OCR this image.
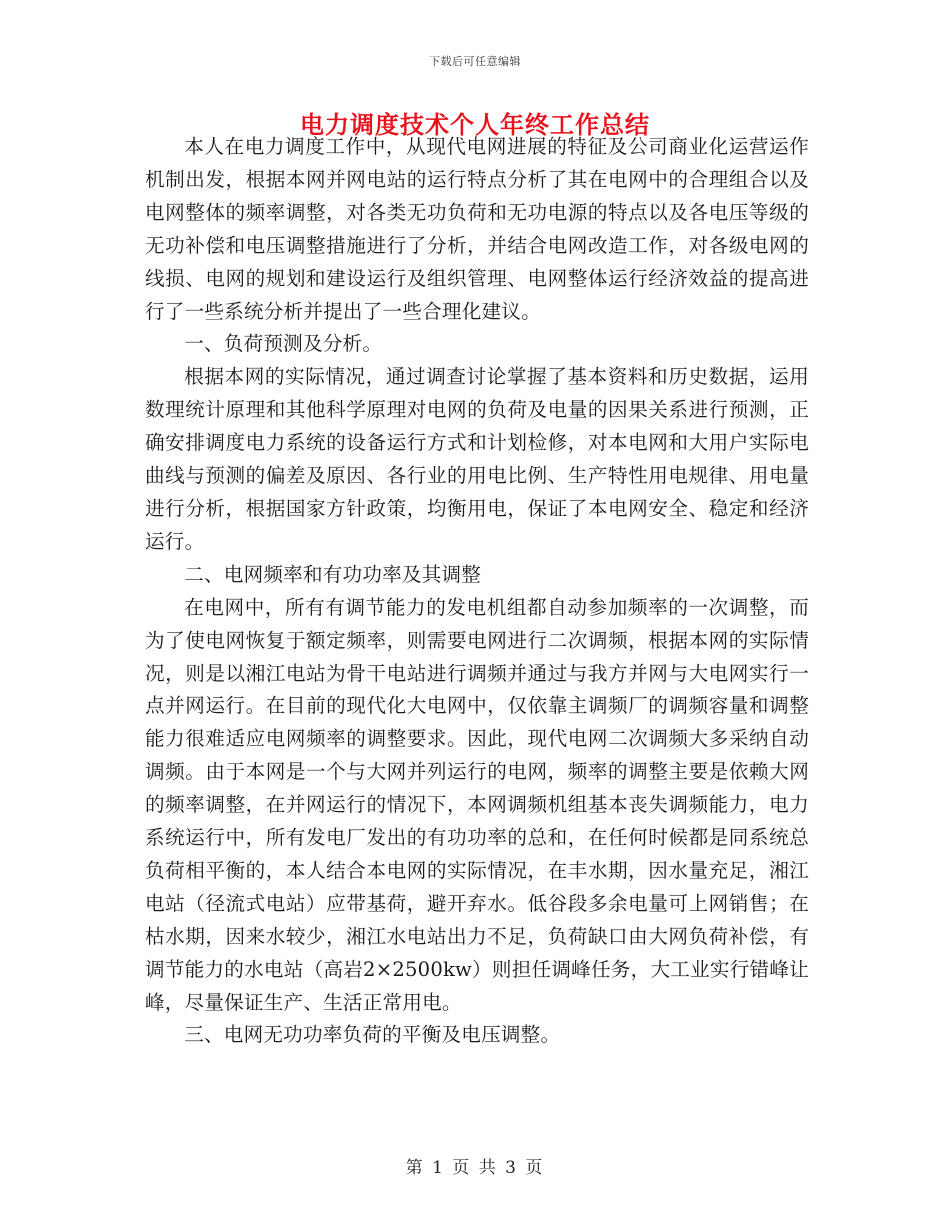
下载后可任意编辑
电力调度技术个人年终工作总结

本人在电力调度工作中，从现代电网进展的特征及公司商业化运营运作机制出发，根据本网并网电站的运行特点分析了其在电网中的合理组合以及电网整体的频率调整，对各类无功负荷和无功电源的特点以及各电压等级的无功补偿和电压调整措施进行了分析，并结合电网改造工作，对各级电网的线损、电网的规划和建设运行及组织管理、电网整体运行经济效益的提高进行了一些系统分析并提出了一些合理化建议。

一、负荷预测及分析。

根据本网的实际情况，通过调查讨论掌握了基本资料和历史数据，运用数理统计原理和其他科学原理对电网的负荷及电量的因果关系进行预测，正确安排调度电力系统的设备运行方式和计划检修，对本电网和大用户实际电曲线与预测的偏差及原因、各行业的用电比例、生产特性用电规律、用电量进行分析，根据国家方针政策，均衡用电，保证了本电网安全、稳定和经济运行。

二、电网频率和有功功率及其调整

在电网中，所有有调节能力的发电机组都自动参加频率的一次调整，而为了使电网恢复于额定频率，则需要电网进行二次调频，根据本网的实际情况，则是以湘江电站为骨干电站进行调频并通过与我方并网与大电网实行一点并网运行。在目前的现代化大电网中，仅依靠主调频厂的调频容量和调整能力很难适应电网频率的调整要求。因此，现代电网二次调频大多采纳自动调频。由于本网是一个与大网并列运行的电网，频率的调整主要是依赖大网的频率调整，在并网运行的情况下，本网调频机组基本丧失调频能力，电力系统运行中，所有发电厂发出的有功功率的总和，在任何时候都是同系统总负荷相平衡的，本人结合本电网的实际情况，在丰水期，因水量充足，湘江电站（径流式电站）应带基荷，避开弃水。低谷段多余电量可上网销售；在枯水期，因来水较少，湘江水电站出力不足，负荷缺口由大网负荷补偿，有调节能力的水电站（高岩2×2500kw）则担任调峰任务，大工业实行错峰让峰，尽量保证生产、生活正常用电。

三、电网无功功率负荷的平衡及电压调整。

第 1 页 共 3 页
